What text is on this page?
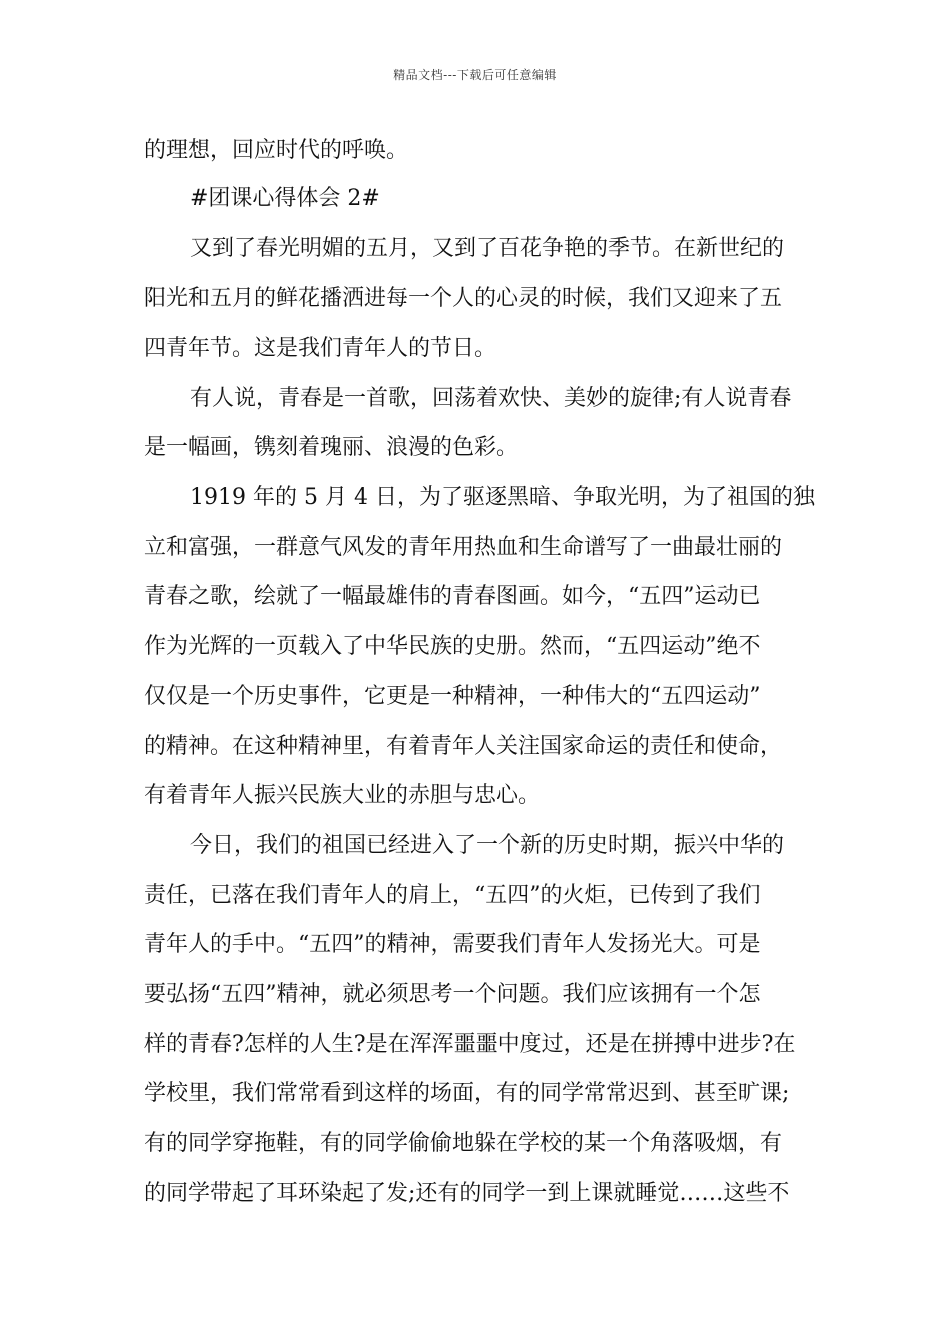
精品文档---下载后可任意编辑
的理想，回应时代的呼唤。
#团课心得体会 2#
又到了春光明媚的五月，又到了百花争艳的季节。在新世纪的
阳光和五月的鲜花播洒进每一个人的心灵的时候，我们又迎来了五
四青年节。这是我们青年人的节日。
有人说，青春是一首歌，回荡着欢快、美妙的旋律;有人说青春
是一幅画，镌刻着瑰丽、浪漫的色彩。
1919 年的 5 月 4 日，为了驱逐黑暗、争取光明，为了祖国的独
立和富强，一群意气风发的青年用热血和生命谱写了一曲最壮丽的
青春之歌，绘就了一幅最雄伟的青春图画。如今，“五四”运动已
作为光辉的一页载入了中华民族的史册。然而，“五四运动”绝不
仅仅是一个历史事件，它更是一种精神，一种伟大的“五四运动”
的精神。在这种精神里，有着青年人关注国家命运的责任和使命，
有着青年人振兴民族大业的赤胆与忠心。
今日，我们的祖国已经进入了一个新的历史时期，振兴中华的
责任，已落在我们青年人的肩上，“五四”的火炬，已传到了我们
青年人的手中。“五四”的精神，需要我们青年人发扬光大。可是
要弘扬“五四”精神，就必须思考一个问题。我们应该拥有一个怎
样的青春?怎样的人生?是在浑浑噩噩中度过，还是在拼搏中进步?在
学校里，我们常常看到这样的场面，有的同学常常迟到、甚至旷课;
有的同学穿拖鞋，有的同学偷偷地躲在学校的某一个角落吸烟，有
的同学带起了耳环染起了发;还有的同学一到上课就睡觉……这些不
